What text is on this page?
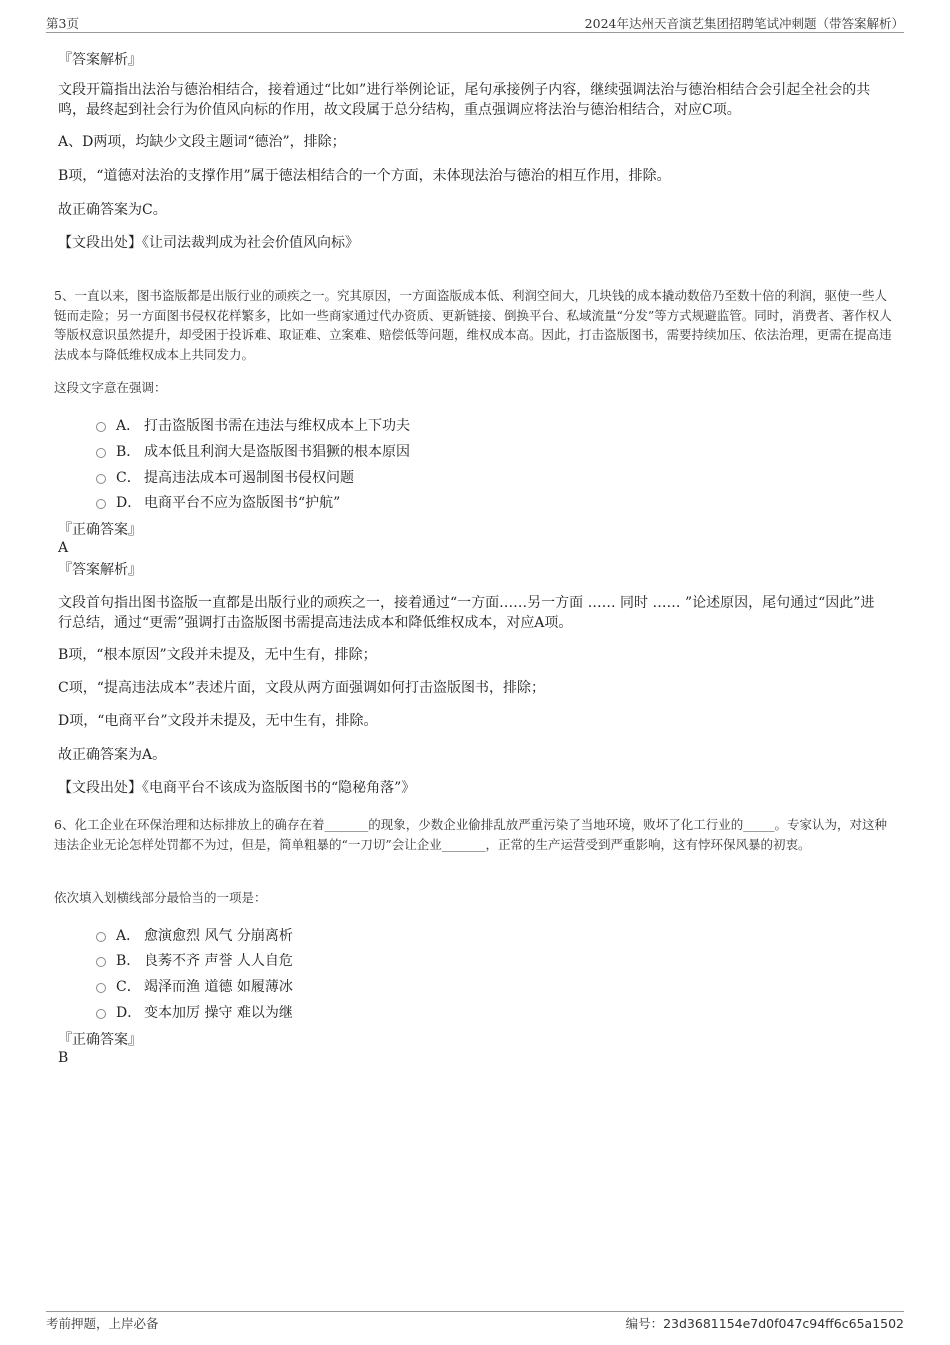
第3页	2024年达州天音演艺集团招聘笔试冲刺题（带答案解析）
『答案解析』
文段开篇指出法治与德治相结合，接着通过“比如”进行举例论证，尾句承接例子内容，继续强调法治与德治相结合会引起全社会的共鸣，最终起到社会行为价值风向标的作用，故文段属于总分结构，重点强调应将法治与德治相结合，对应C项。
A、D两项，均缺少文段主题词“德治”，排除；
B项，“道德对法治的支撑作用”属于德法相结合的一个方面，未体现法治与德治的相互作用，排除。
故正确答案为C。
【文段出处】《让司法裁判成为社会价值风向标》
5、一直以来，图书盗版都是出版行业的顽疾之一。究其原因，一方面盗版成本低、利润空间大，几块钱的成本撬动数倍乃至数十倍的利润，驱使一些人铤而走险；另一方面图书侵权花样繁多，比如一些商家通过代办资质、更新链接、倒换平台、私域流量“分发”等方式规避监管。同时，消费者、著作权人等版权意识虽然提升，却受困于投诉难、取证难、立案难、赔偿低等问题，维权成本高。因此，打击盗版图书，需要持续加压、依法治理，更需在提高违法成本与降低维权成本上共同发力。
这段文字意在强调：
A． 打击盗版图书需在违法与维权成本上下功夫
B． 成本低且利润大是盗版图书猖獗的根本原因
C． 提高违法成本可遏制图书侵权问题
D． 电商平台不应为盗版图书“护航”
『正确答案』
A
『答案解析』
文段首句指出图书盗版一直都是出版行业的顽疾之一，接着通过“一方面……另一方面 …… 同时 …… ”论述原因，尾句通过“因此”进行总结，通过“更需”强调打击盗版图书需提高违法成本和降低维权成本，对应A项。
B项，“根本原因”文段并未提及，无中生有，排除；
C项，“提高违法成本”表述片面，文段从两方面强调如何打击盗版图书，排除；
D项，“电商平台”文段并未提及，无中生有，排除。
故正确答案为A。
【文段出处】《电商平台不该成为盗版图书的“隐秘角落”》
6、化工企业在环保治理和达标排放上的确存在着_______的现象，少数企业偷排乱放严重污染了当地环境，败坏了化工行业的_____。专家认为，对这种违法企业无论怎样处罚都不为过，但是，简单粗暴的“一刀切”会让企业_______，正常的生产运营受到严重影响，这有悖环保风暴的初衷。
依次填入划横线部分最恰当的一项是：
A． 愈演愈烈 风气 分崩离析
B． 良莠不齐 声誉 人人自危
C． 竭泽而渔 道德 如履薄冰
D． 变本加厉 操守 难以为继
『正确答案』
B
考前押题，上岸必备	编号：23d3681154e7d0f047c94ff6c65a1502
